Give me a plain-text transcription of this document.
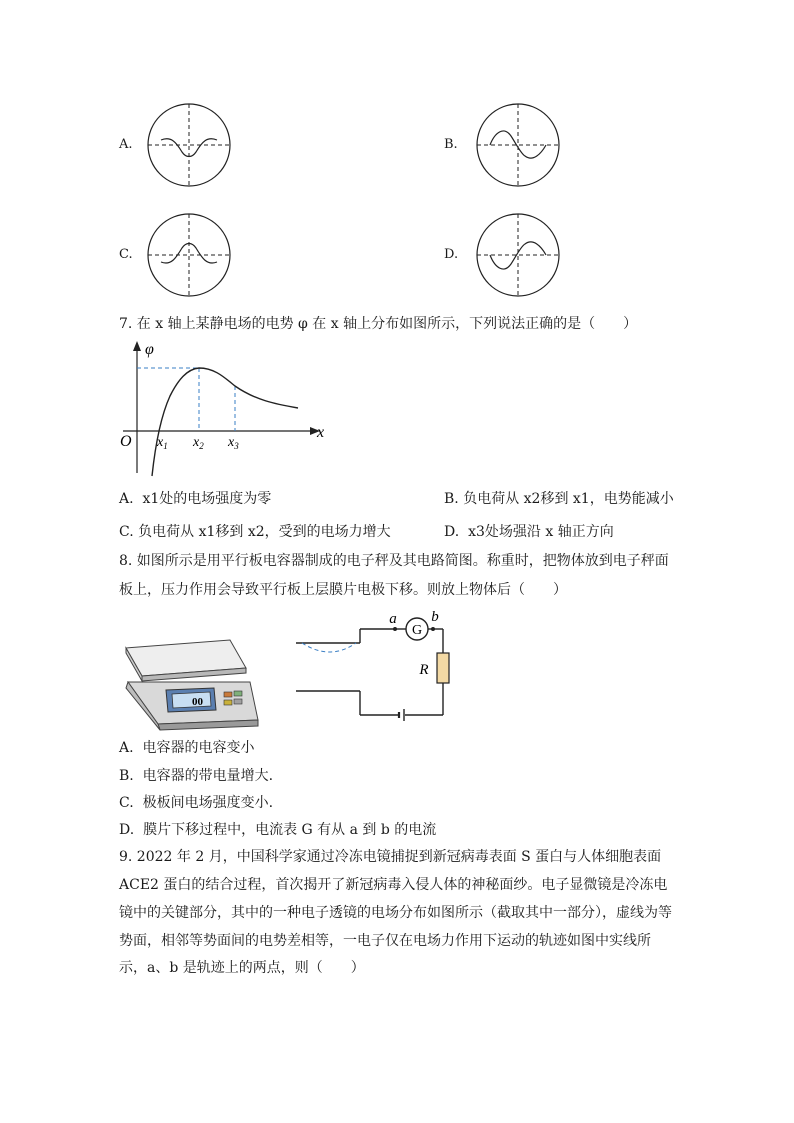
A.	B.
C.	D.
7. 在 x 轴上某静电场的电势 φ 在 x 轴上分布如图所示，下列说法正确的是（　　）
φ
x
O $x_1$ $x_2$ $x_3$
A. x1处的电场强度为零	B. 负电荷从 x2移到 x1，电势能减小
C. 负电荷从 x1移到 x2，受到的电场力增大	D. x3处场强沿 x 轴正方向
8. 如图所示是用平行板电容器制成的电子秤及其电路简图。称重时，把物体放到电子秤面
板上，压力作用会导致平行板上层膜片电极下移。则放上物体后（　　）
00
G
a b
R
A. 电容器的电容变小
B. 电容器的带电量增大.
C. 极板间电场强度变小.
D. 膜片下移过程中，电流表 G 有从 a 到 b 的电流
9. 2022 年 2 月，中国科学家通过冷冻电镜捕捉到新冠病毒表面 S 蛋白与人体细胞表面
ACE2 蛋白的结合过程，首次揭开了新冠病毒入侵人体的神秘面纱。电子显微镜是冷冻电
镜中的关键部分，其中的一种电子透镜的电场分布如图所示（截取其中一部分），虚线为等
势面，相邻等势面间的电势差相等，一电子仅在电场力作用下运动的轨迹如图中实线所
示，a、b 是轨迹上的两点，则（　　）
